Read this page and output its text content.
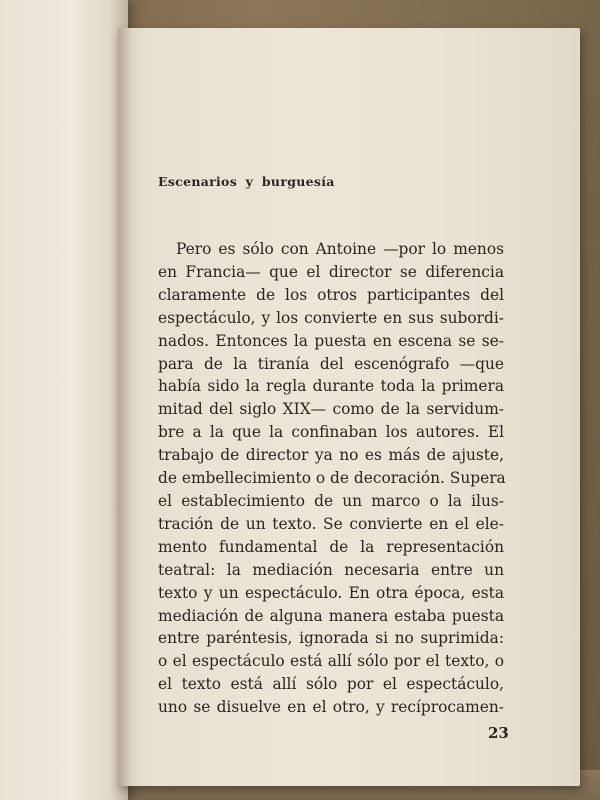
Escenarios y burguesía
Pero es sólo con Antoine —por lo menos
en Francia— que el director se diferencia
claramente de los otros participantes del
espectáculo, y los convierte en sus subordi-
nados. Entonces la puesta en escena se se-
para de la tiranía del escenógrafo —que
había sido la regla durante toda la primera
mitad del siglo XIX— como de la servidum-
bre a la que la confinaban los autores. El
trabajo de director ya no es más de ajuste,
de embellecimiento o de decoración. Supera
el establecimiento de un marco o la ilus-
tración de un texto. Se convierte en el ele-
mento fundamental de la representación
teatral: la mediación necesaria entre un
texto y un espectáculo. En otra época, esta
mediación de alguna manera estaba puesta
entre paréntesis, ignorada si no suprimida:
o el espectáculo está allí sólo por el texto, o
el texto está allí sólo por el espectáculo,
uno se disuelve en el otro, y recíprocamen-
23
